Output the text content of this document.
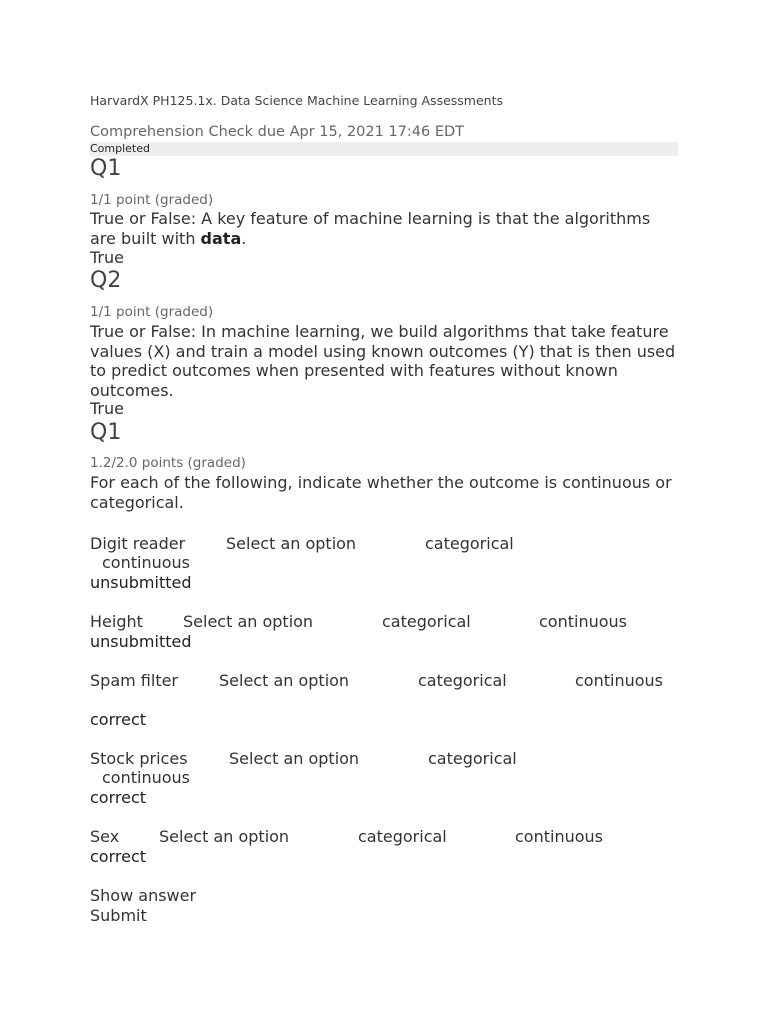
HarvardX PH125.1x. Data Science Machine Learning Assessments
Comprehension Check due Apr 15, 2021 17:46 EDT
Completed
Q1
1/1 point (graded)
True or False: A key feature of machine learning is that the algorithms are built with data.
True
Q2
1/1 point (graded)
True or False: In machine learning, we build algorithms that take feature values (X) and train a model using known outcomes (Y) that is then used to predict outcomes when presented with features without known outcomes.
True
Q1
1.2/2.0 points (graded)
For each of the following, indicate whether the outcome is continuous or categorical.
Digit reader	Select an option	categorical
continuous
unsubmitted
Height	Select an option	categorical	continuous
unsubmitted
Spam filter	Select an option	categorical	continuous
correct
Stock prices	Select an option	categorical
continuous
correct
Sex Select an option	categorical	continuous
correct
Show answer
Submit
